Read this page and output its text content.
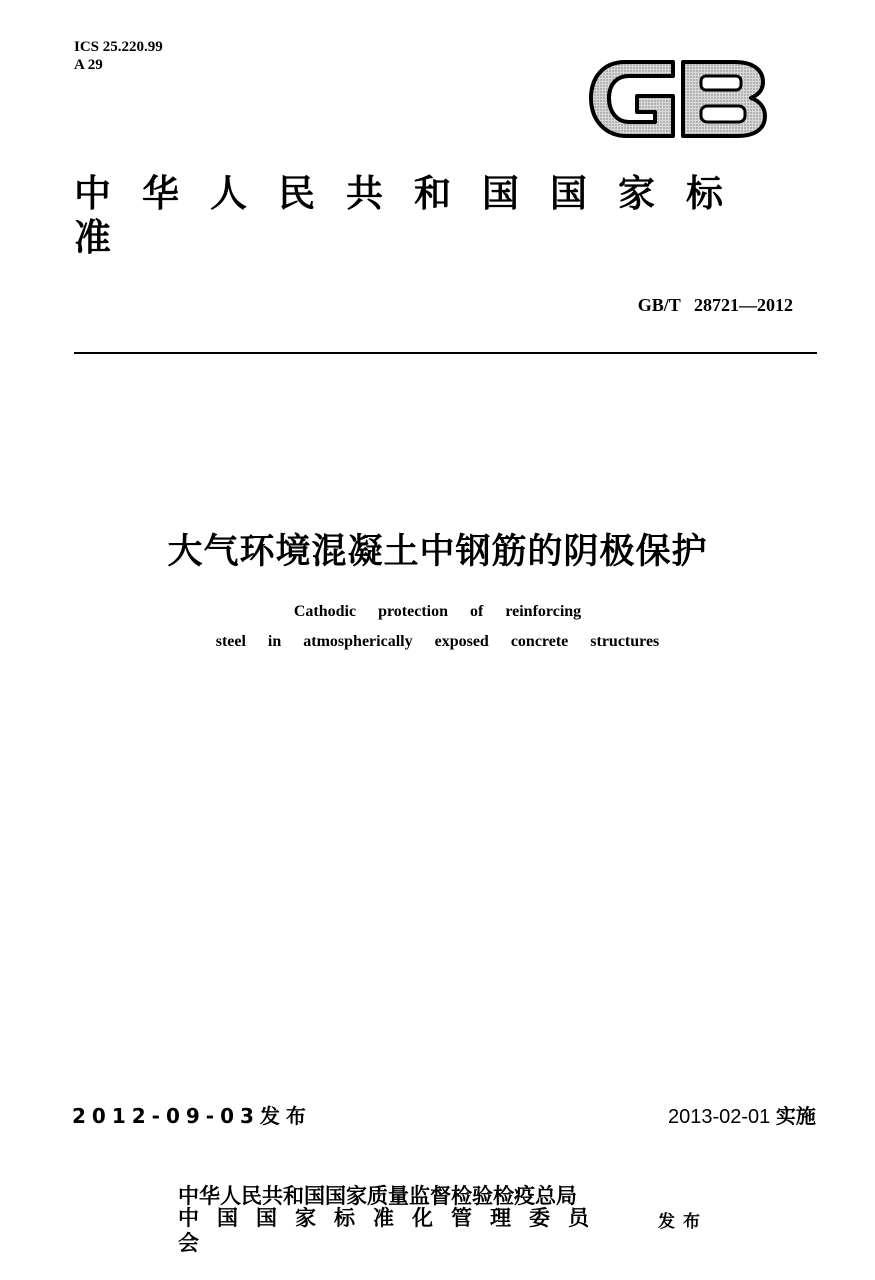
ICS 25.220.99
A 29
中华人民共和国国家标准
GB/T   28721—2012
大气环境混凝土中钢筋的阴极保护
Cathodic protection of reinforcing
steel in atmospherically exposed concrete structures
2012-09-03发布	2013-02-01 实施
中华人民共和国国家质量监督检验检疫总局
中国国家标准化管理委员会
发布
